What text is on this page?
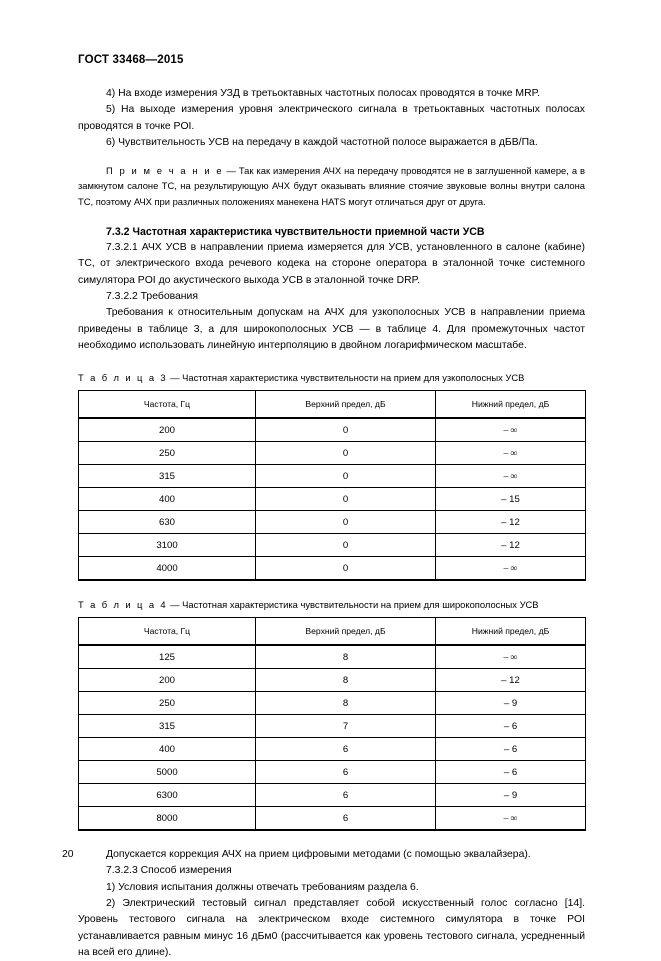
ГОСТ 33468—2015

4) На входе измерения УЗД в третьоктавных частотных полосах проводятся в точке MRP.

5) На выходе измерения уровня электрического сигнала в третьоктавных частотных полосах проводятся в точке POI.

6) Чувствительность УСВ на передачу в каждой частотной полосе выражается в дБВ/Па.

П р и м е ч а н и е — Так как измерения АЧХ на передачу проводятся не в заглушенной камере, а в замкнутом салоне ТС, на результирующую АЧХ будут оказывать влияние стоячие звуковые волны внутри салона ТС, поэтому АЧХ при различных положениях манекена HATS могут отличаться друг от друга.

7.3.2 Частотная характеристика чувствительности приемной части УСВ

7.3.2.1 АЧХ УСВ в направлении приема измеряется для УСВ, установленного в салоне (кабине) ТС, от электрического входа речевого кодека на стороне оператора в эталонной точке системного симулятора POI до акустического выхода УСВ в эталонной точке DRP.

7.3.2.2 Требования

Требования к относительным допускам на АЧХ для узкополосных УСВ в направлении приема приведены в таблице 3, а для широкополосных УСВ — в таблице 4. Для промежуточных частот необходимо использовать линейную интерполяцию в двойном логарифмическом масштабе.

Т а б л и ц а 3 — Частотная характеристика чувствительности на прием для узкополосных УСВ
Частота, Гц	Верхний предел, дБ	Нижний предел, дБ
200	0	– ∞
250	0	– ∞
315	0	– ∞
400	0	– 15
630	0	– 12
3100	0	– 12
4000	0	– ∞
Т а б л и ц а 4 — Частотная характеристика чувствительности на прием для широкополосных УСВ
Частота, Гц	Верхний предел, дБ	Нижний предел, дБ
125	8	– ∞
200	8	– 12
250	8	– 9
315	7	– 6
400	6	– 6
5000	6	– 6
6300	6	– 9
8000	6	– ∞

Допускается коррекция АЧХ на прием цифровыми методами (с помощью эквалайзера).

7.3.2.3 Способ измерения

1) Условия испытания должны отвечать требованиям раздела 6.

2) Электрический тестовый сигнал представляет собой искусственный голос согласно [14]. Уровень тестового сигнала на электрическом входе системного симулятора в точке POI устанавливается равным минус 16 дБм0 (рассчитывается как уровень тестового сигнала, усредненный на всей его длине).

20
